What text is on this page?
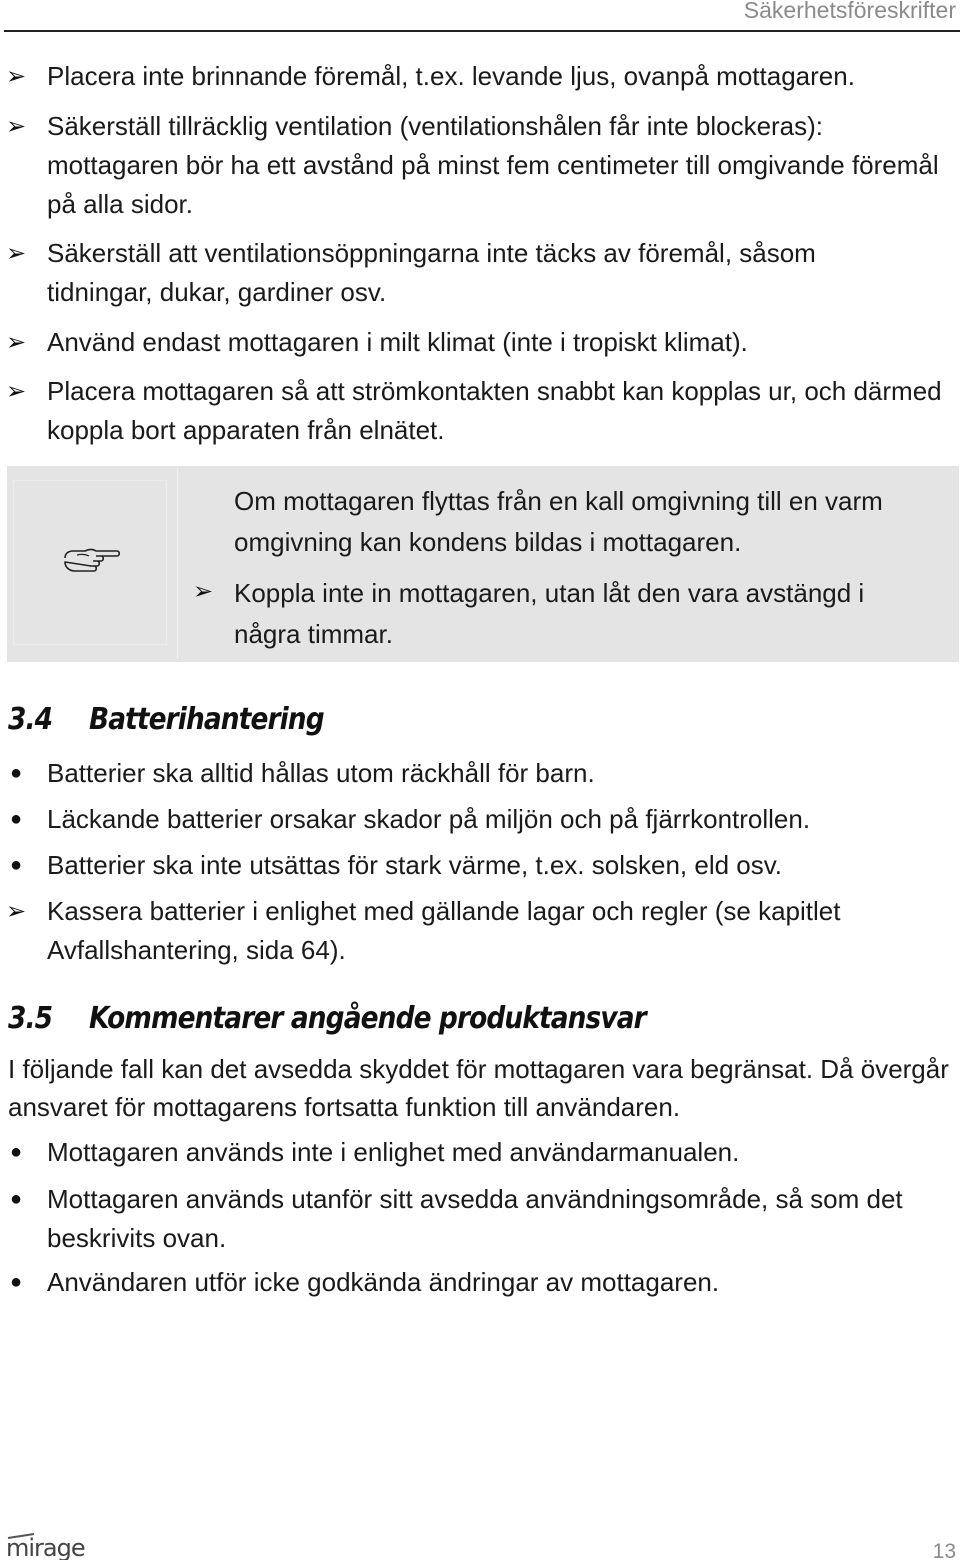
Säkerhetsföreskrifter
➢ Placera inte brinnande föremål, t.ex. levande ljus, ovanpå mottagaren.
➢ Säkerställ tillräcklig ventilation (ventilationshålen får inte blockeras): mottagaren bör ha ett avstånd på minst fem centimeter till omgivande föremål på alla sidor.
➢ Säkerställ att ventilationsöppningarna inte täcks av föremål, såsom tidningar, dukar, gardiner osv.
➢ Använd endast mottagaren i milt klimat (inte i tropiskt klimat).
➢ Placera mottagaren så att strömkontakten snabbt kan kopplas ur, och därmed koppla bort apparaten från elnätet.
Om mottagaren flyttas från en kall omgivning till en varm omgivning kan kondens bildas i mottagaren.
➢ Koppla inte in mottagaren, utan låt den vara avstängd i några timmar.
3.4 Batterihantering
● Batterier ska alltid hållas utom räckhåll för barn.
● Läckande batterier orsakar skador på miljön och på fjärrkontrollen.
● Batterier ska inte utsättas för stark värme, t.ex. solsken, eld osv.
➢ Kassera batterier i enlighet med gällande lagar och regler (se kapitlet Avfallshantering, sida 64).
3.5 Kommentarer angående produktansvar
I följande fall kan det avsedda skyddet för mottagaren vara begränsat. Då övergår ansvaret för mottagarens fortsatta funktion till användaren.
● Mottagaren används inte i enlighet med användarmanualen.
● Mottagaren används utanför sitt avsedda användningsområde, så som det beskrivits ovan.
● Användaren utför icke godkända ändringar av mottagaren.
mirage	13
